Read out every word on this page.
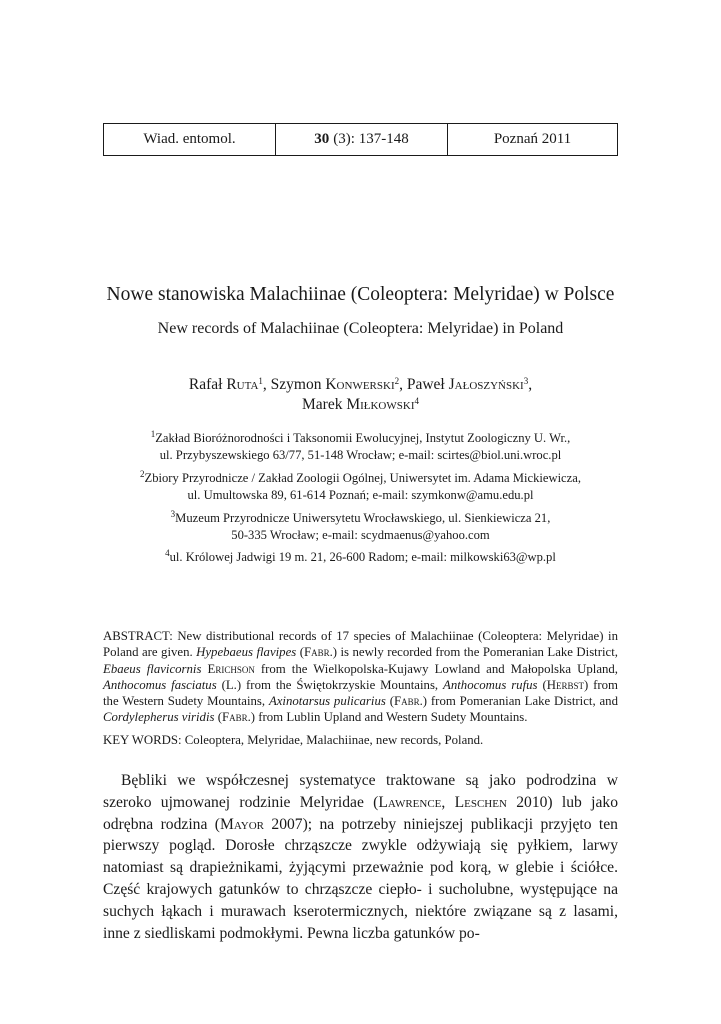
Wiad. entomol.	30 (3): 137-148	Poznań 2011
Nowe stanowiska Malachiinae (Coleoptera: Melyridae) w Polsce
New records of Malachiinae (Coleoptera: Melyridae) in Poland
Rafał Ruta$^1$, Szymon Konwerski$^2$, Paweł Jałoszyński$^3$,
Marek Miłkowski$^4$

$^1$Zakład Bioróżnorodności i Taksonomii Ewolucyjnej, Instytut Zoologiczny U. Wr.,

ul. Przybyszewskiego 63/77, 51-148 Wrocław; e-mail: scirtes@biol.uni.wroc.pl

$^2$Zbiory Przyrodnicze / Zakład Zoologii Ogólnej, Uniwersytet im. Adama Mickiewicza,

ul. Umultowska 89, 61-614 Poznań; e-mail: szymkonw@amu.edu.pl

$^3$Muzeum Przyrodnicze Uniwersytetu Wrocławskiego, ul. Sienkiewicza 21,

50-335 Wrocław; e-mail: scydmaenus@yahoo.com

$^4$ul. Królowej Jadwigi 19 m. 21, 26-600 Radom; e-mail: milkowski63@wp.pl

ABSTRACT: New distributional records of 17 species of Malachiinae (Coleoptera: Melyridae) in Poland are given. Hypebaeus flavipes (Fabr.) is newly recorded from the Pomeranian Lake District, Ebaeus flavicornis Erichson from the Wielkopolska-Kujawy Lowland and Małopolska Upland, Anthocomus fasciatus (L.) from the Świętokrzyskie Mountains, Anthocomus rufus (Herbst) from the Western Sudety Mountains, Axinotarsus pulicarius (Fabr.) from Pomeranian Lake District, and Cordylepherus viridis (Fabr.) from Lublin Upland and Western Sudety Mountains.

KEY WORDS: Coleoptera, Melyridae, Malachiinae, new records, Poland.

Bębliki we współczesnej systematyce traktowane są jako podrodzina w szeroko ujmowanej rodzinie Melyridae (Lawrence, Leschen 2010) lub jako odrębna rodzina (Mayor 2007); na potrzeby niniejszej publikacji przyjęto ten pierwszy pogląd. Dorosłe chrząszcze zwykle odżywiają się pyłkiem, larwy natomiast są drapieżnikami, żyjącymi przeważnie pod korą, w glebie i ściółce. Część krajowych gatunków to chrząszcze ciepło- i sucholubne, występujące na suchych łąkach i murawach kserotermicznych, niektóre związane są z lasami, inne z siedliskami podmokłymi. Pewna liczba gatunków po-
